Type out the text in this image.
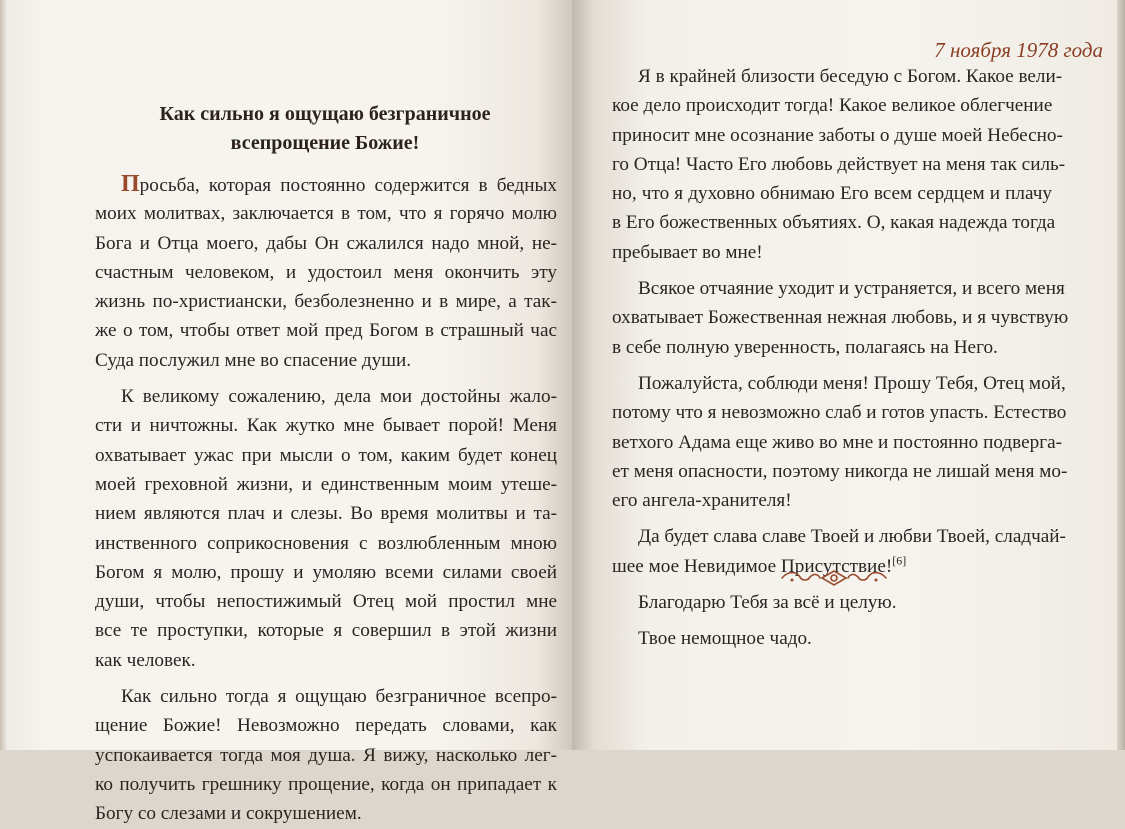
7 ноября 1978 года
Как сильно я ощущаю безграничное
всепрощение Божие!
Просьба, которая постоянно содержится в бедных
моих молитвах, заключается в том, что я горячо молю
Бога и Отца моего, дабы Он сжалился надо мной, не-
счастным человеком, и удостоил меня окончить эту
жизнь по-христиански, безболезненно и в мире, а так-
же о том, чтобы ответ мой пред Богом в страшный час
Суда послужил мне во спасение души.
К великому сожалению, дела мои достойны жало-
сти и ничтожны. Как жутко мне бывает порой! Меня
охватывает ужас при мысли о том, каким будет конец
моей греховной жизни, и единственным моим утеше-
нием являются плач и слезы. Во время молитвы и та-
инственного соприкосновения с возлюбленным мною
Богом я молю, прошу и умоляю всеми силами своей
души, чтобы непостижимый Отец мой простил мне
все те проступки, которые я совершил в этой жизни
как человек.
Как сильно тогда я ощущаю безграничное всепро-
щение Божие! Невозможно передать словами, как
успокаивается тогда моя душа. Я вижу, насколько лег-
ко получить грешнику прощение, когда он припадает к
Богу со слезами и сокрушением.
Я в крайней близости беседую с Богом. Какое вели-
кое дело происходит тогда! Какое великое облегчение
приносит мне осознание заботы о душе моей Небесно-
го Отца! Часто Его любовь действует на меня так силь-
но, что я духовно обнимаю Его всем сердцем и плачу
в Его божественных объятиях. О, какая надежда тогда
пребывает во мне!
Всякое отчаяние уходит и устраняется, и всего меня
охватывает Божественная нежная любовь, и я чувствую
в себе полную уверенность, полагаясь на Него.
Пожалуйста, соблюди меня! Прошу Тебя, Отец мой,
потому что я невозможно слаб и готов упасть. Естество
ветхого Адама еще живо во мне и постоянно подверга-
ет меня опасности, поэтому никогда не лишай меня мо-
его ангела-хранителя!
Да будет слава славе Твоей и любви Твоей, сладчай-
шее мое Невидимое Присутствие![6]
Благодарю Тебя за всё и целую.
Твое немощное чадо.
